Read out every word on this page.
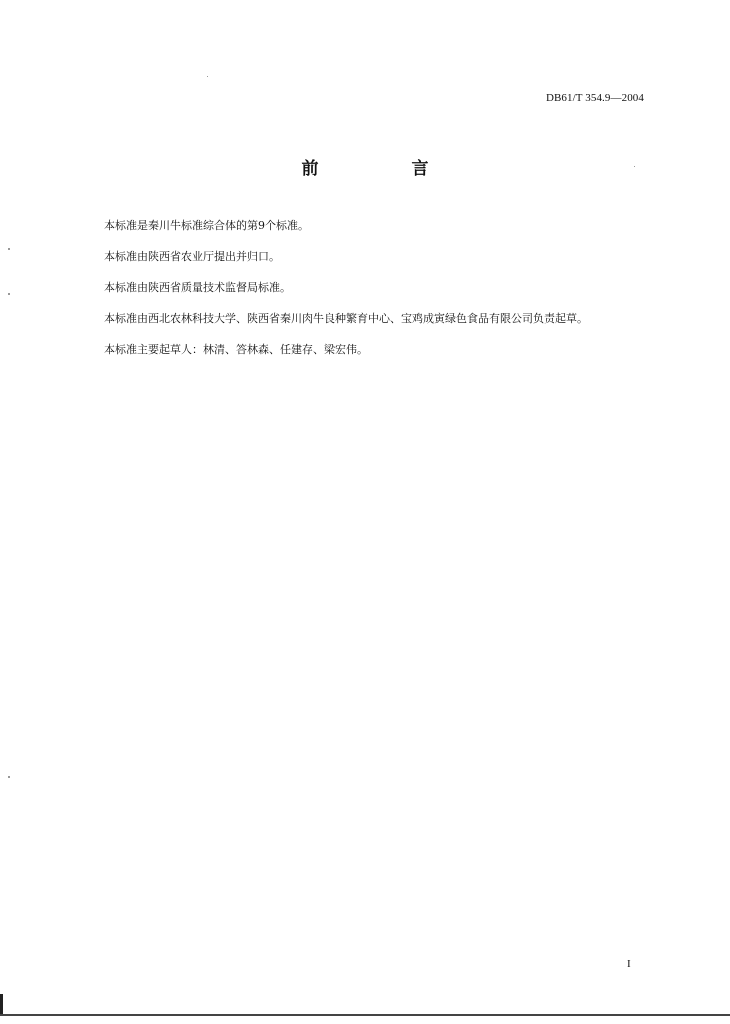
DB61/T 354.9—2004
前　言
本标准是秦川牛标准综合体的第9个标准。
本标准由陕西省农业厅提出并归口。
本标准由陕西省质量技术监督局标准。
本标准由西北农林科技大学、陕西省秦川肉牛良种繁育中心、宝鸡成寅绿色食品有限公司负责起草。
本标准主要起草人：林清、答林森、任建存、梁宏伟。
I
